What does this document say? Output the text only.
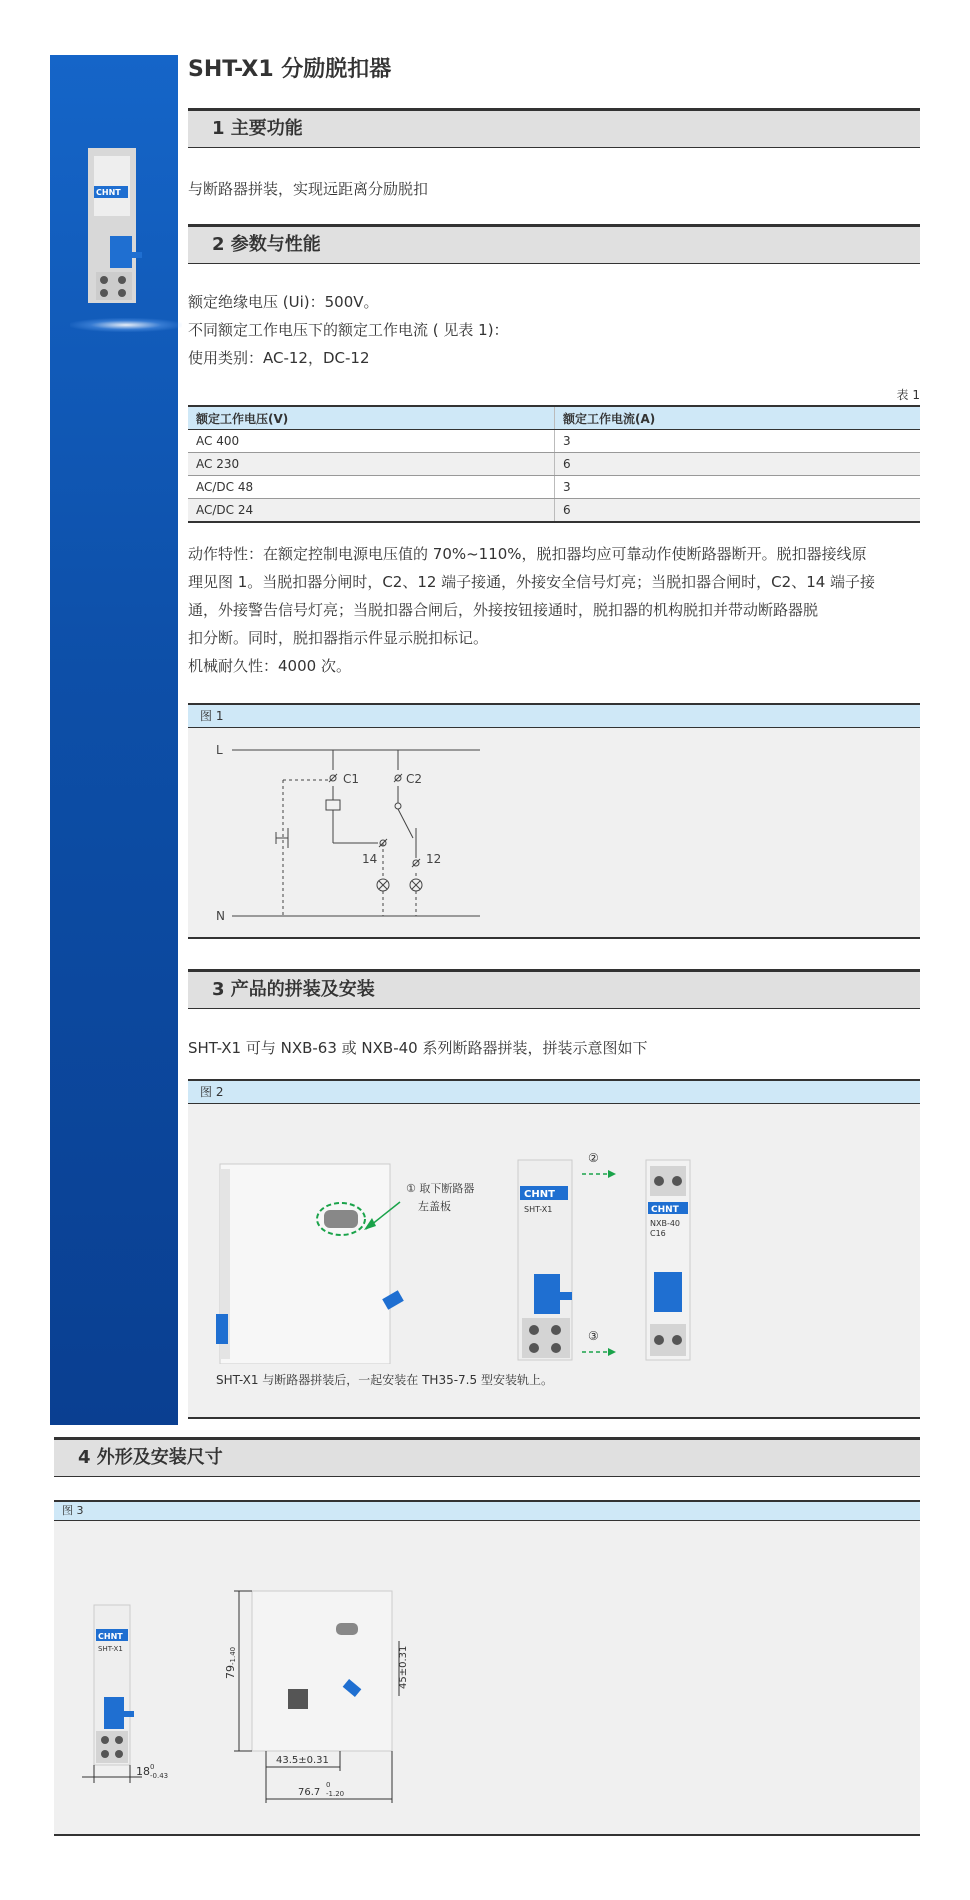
CHNT
SHT-X1 分励脱扣器
1 主要功能
与断路器拼装，实现远距离分励脱扣
2 参数与性能
额定绝缘电压 (Ui)：500V。
不同额定工作电压下的额定工作电流 ( 见表 1)：
使用类别：AC-12，DC-12
表 1
额定工作电压(V)	额定工作电流(A)
AC 400	3
AC 230	6
AC/DC 48	3
AC/DC 24	6
动作特性：在额定控制电源电压值的 70%~110%，脱扣器均应可靠动作使断路器断开。脱扣器接线原
理见图 1。当脱扣器分闸时，C2、12 端子接通，外接安全信号灯亮；当脱扣器合闸时，C2、14 端子接
通，外接警告信号灯亮；当脱扣器合闸后，外接按钮接通时，脱扣器的机构脱扣并带动断路器脱
扣分断。同时，脱扣器指示件显示脱扣标记。
机械耐久性：4000 次。
图 1
L
N
C1	C2
14	12
3 产品的拼装及安装
SHT-X1 可与 NXB-63 或 NXB-40 系列断路器拼装，拼装示意图如下
图 2
① 取下断路器
左盖板
CHNT
SHT-X1
②
③
CHNT
NXB-40
C16
SHT-X1 与断路器拼装后，一起安装在 TH35-7.5 型安装轨上。
4 外形及安装尺寸
图 3
CHNT
SHT-X1
18 0
-0.43
79
-1.40	45±0.31
43.5±0.31
76.7
0
-1.20
